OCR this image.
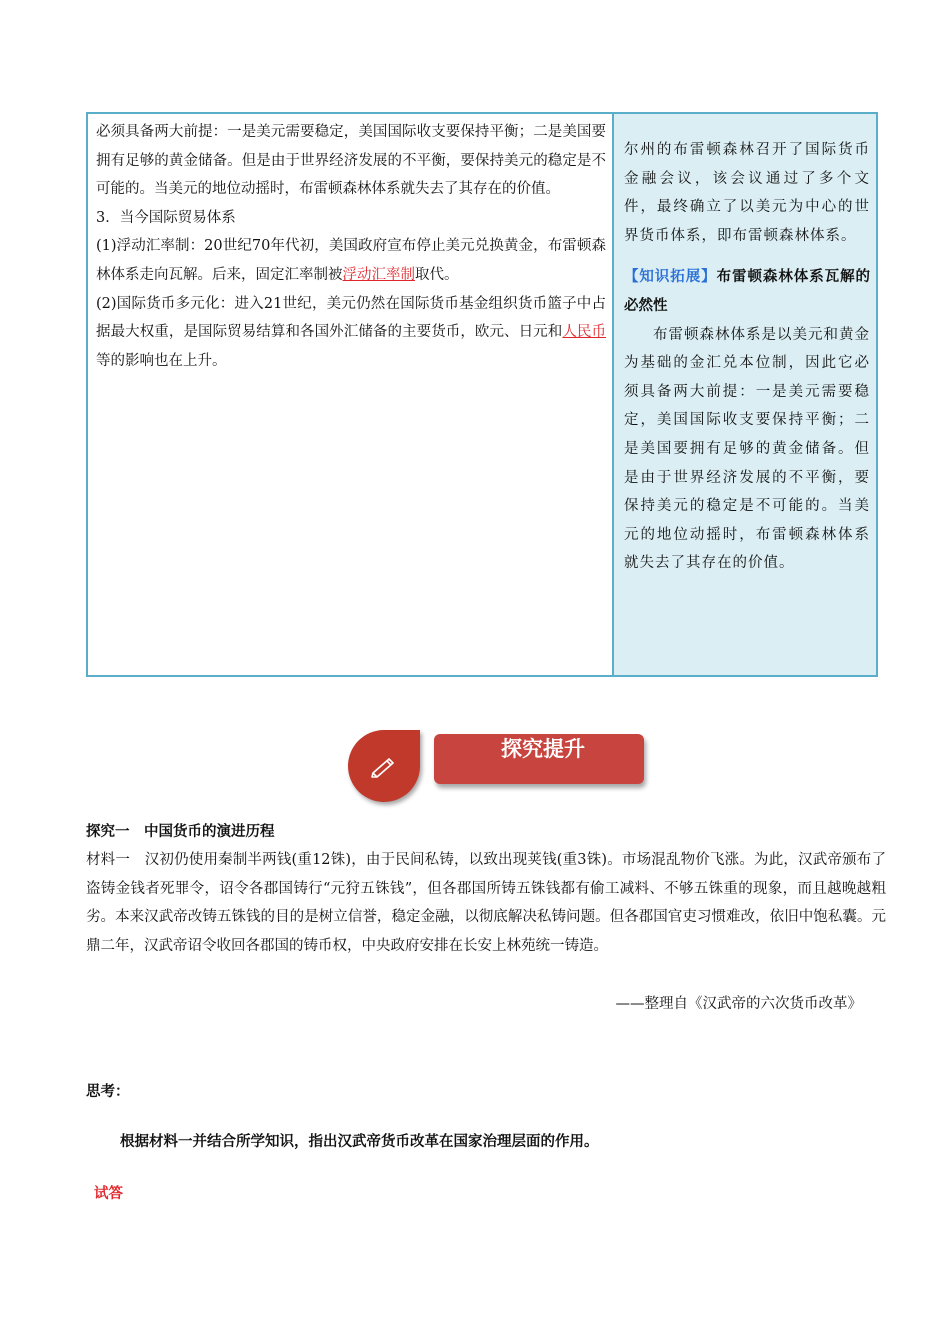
必须具备两大前提：一是美元需要稳定，美国国际收支要保持平衡；二是美国要拥有足够的黄金储备。但是由于世界经济发展的不平衡，要保持美元的稳定是不可能的。当美元的地位动摇时，布雷顿森林体系就失去了其存在的价值。

3．当今国际贸易体系

(1)浮动汇率制：20世纪70年代初，美国政府宣布停止美元兑换黄金，布雷顿森林体系走向瓦解。后来，固定汇率制被浮动汇率制取代。

(2)国际货币多元化：进入21世纪，美元仍然在国际货币基金组织货币篮子中占据最大权重，是国际贸易结算和各国外汇储备的主要货币，欧元、日元和人民币等的影响也在上升。

尔州的布雷顿森林召开了国际货币金融会议，该会议通过了多个文件，最终确立了以美元为中心的世界货币体系，即布雷顿森林体系。

【知识拓展】布雷顿森林体系瓦解的必然性

布雷顿森林体系是以美元和黄金为基础的金汇兑本位制，因此它必须具备两大前提：一是美元需要稳定，美国国际收支要保持平衡；二是美国要拥有足够的黄金储备。但是由于世界经济发展的不平衡，要保持美元的稳定是不可能的。当美元的地位动摇时，布雷顿森林体系就失去了其存在的价值。

探究提升
探究一　中国货币的演进历程

材料一　汉初仍使用秦制半两钱(重12铢)，由于民间私铸，以致出现荚钱(重3铢)。市场混乱物价飞涨。为此，汉武帝颁布了盗铸金钱者死罪令，诏令各郡国铸行“元狩五铢钱”，但各郡国所铸五铢钱都有偷工减料、不够五铢重的现象，而且越晚越粗劣。本来汉武帝改铸五铢钱的目的是树立信誉，稳定金融，以彻底解决私铸问题。但各郡国官吏习惯难改，依旧中饱私囊。元鼎二年，汉武帝诏令收回各郡国的铸币权，中央政府安排在长安上林苑统一铸造。

——整理自《汉武帝的六次货币改革》
思考：
根据材料一并结合所学知识，指出汉武帝货币改革在国家治理层面的作用。
试答
